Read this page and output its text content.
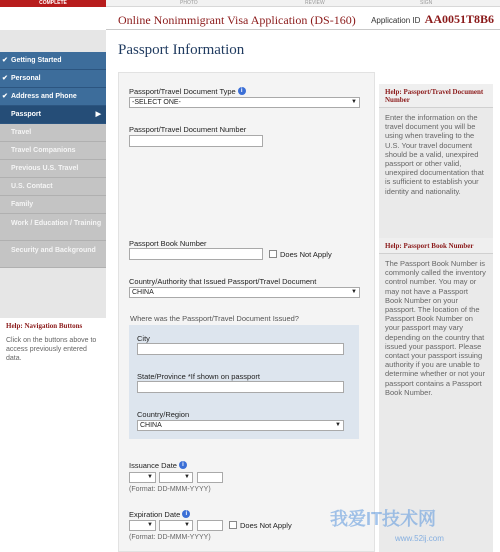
COMPLETE	PHOTO	REVIEW	SIGN
Online Nonimmigrant Visa Application (DS-160) Application ID AA0051T8B6
✔ Getting Started
✔ Personal
✔ Address and Phone
Passport	▶
Travel
Travel Companions
Previous U.S. Travel
U.S. Contact
Family
Work / Education / Training
Security and Background
Help: Navigation Buttons
Click on the buttons above to access previously entered data.
Passport Information
Passport/Travel Document Type i
-SELECT ONE-	▼
Passport/Travel Document Number
Passport Book Number
Does Not Apply
Country/Authority that Issued Passport/Travel Document
CHINA	▼
Where was the Passport/Travel Document Issued?
City
State/Province *If shown on passport
Country/Region
CHINA	▼
Issuance Date i
▼	▼
(Format: DD-MMM-YYYY)
Expiration Date i
▼	▼	Does Not Apply
(Format: DD-MMM-YYYY)
Help: Passport/Travel Document Number
Enter the information on the travel document you will be using when traveling to the U.S. Your travel document should be a valid, unexpired passport or other valid, unexpired documentation that is sufficient to establish your identity and nationality.
Help: Passport Book Number
The Passport Book Number is commonly called the inventory control number. You may or may not have a Passport Book Number on your passport. The location of the Passport Book Number on your passport may vary depending on the country that issued your passport. Please contact your passport issuing authority if you are unable to determine whether or not your passport contains a Passport Book Number.
我爱IT技术网
www.52ij.com
